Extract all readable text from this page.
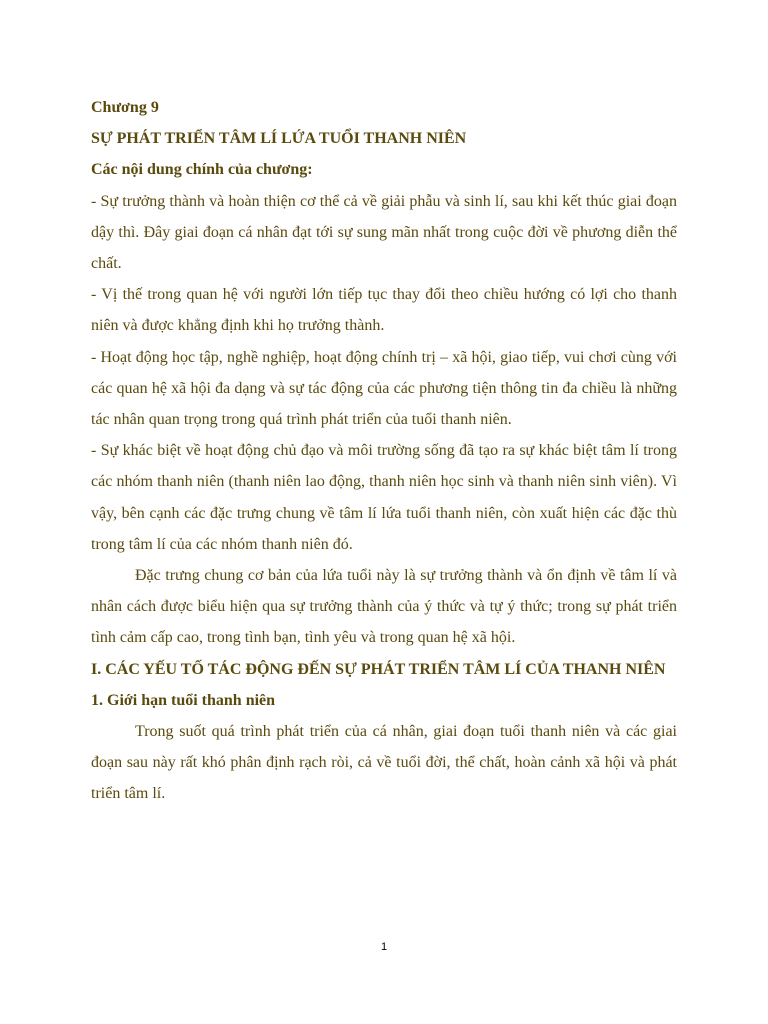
Chương 9

SỰ PHÁT TRIỂN TÂM LÍ LỨA TUỔI THANH NIÊN

Các nội dung chính của chương:

- Sự trưởng thành và hoàn thiện cơ thể cả về giải phẫu và sinh lí, sau khi kết thúc giai đoạn dậy thì. Đây giai đoạn cá nhân đạt tới sự sung mãn nhất trong cuộc đời về phương diễn thể chất.

- Vị thế trong quan hệ với người lớn tiếp tục thay đổi theo chiều hướng có lợi cho thanh niên và được khẳng định khi họ trưởng thành.

- Hoạt động học tập, nghề nghiệp, hoạt động chính trị – xã hội, giao tiếp, vui chơi cùng với các quan hệ xã hội đa dạng và sự tác động của các phương tiện thông tin đa chiều là những tác nhân quan trọng trong quá trình phát triển của tuổi thanh niên.

- Sự khác biệt về hoạt động chủ đạo và môi trường sống đã tạo ra sự khác biệt tâm lí trong các nhóm thanh niên (thanh niên lao động, thanh niên học sinh và thanh niên sinh viên). Vì vậy, bên cạnh các đặc trưng chung về tâm lí lứa tuổi thanh niên, còn xuất hiện các đặc thù trong tâm lí của các nhóm thanh niên đó.

Đặc trưng chung cơ bản của lứa tuổi này là sự trưởng thành và ổn định về tâm lí và nhân cách được biểu hiện qua sự trưởng thành của ý thức và tự ý thức; trong sự phát triển tình cảm cấp cao, trong tình bạn, tình yêu và trong quan hệ xã hội.

I. CÁC YẾU TỐ TÁC ĐỘNG ĐẾN SỰ PHÁT TRIỂN TÂM LÍ CỦA THANH NIÊN

1. Giới hạn tuổi thanh niên

Trong suốt quá trình phát triển của cá nhân, giai đoạn tuổi thanh niên và các giai đoạn sau này rất khó phân định rạch ròi, cả về tuổi đời, thể chất, hoàn cảnh xã hội và phát triển tâm lí.

1
